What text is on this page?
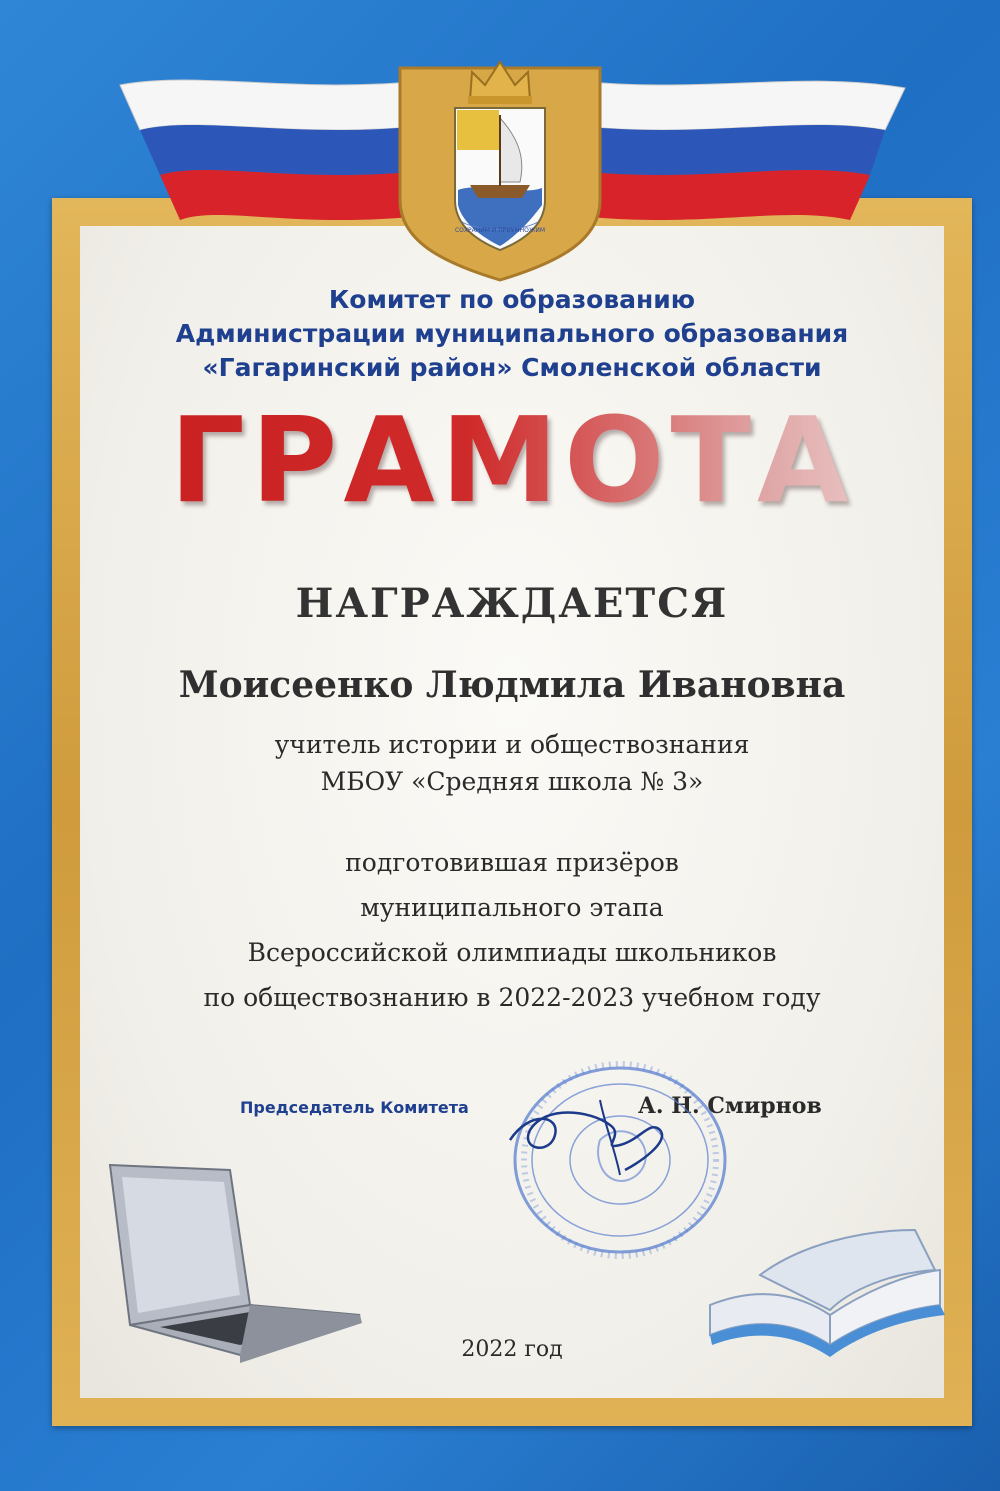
СОХРАНИМ И ПРИУМНОЖИМ
Комитет по образованию
Администрации муниципального образования
«Гагаринский район» Смоленской области
ГРАМОТА
НАГРАЖДАЕТСЯ
Моисеенко Людмила Ивановна
учитель истории и обществознания
МБОУ «Средняя школа № 3»
подготовившая призёров
муниципального этапа
Всероссийской олимпиады школьников
по обществознанию в 2022-2023 учебном году
Председатель Комитета	А. Н. Смирнов
2022 год
